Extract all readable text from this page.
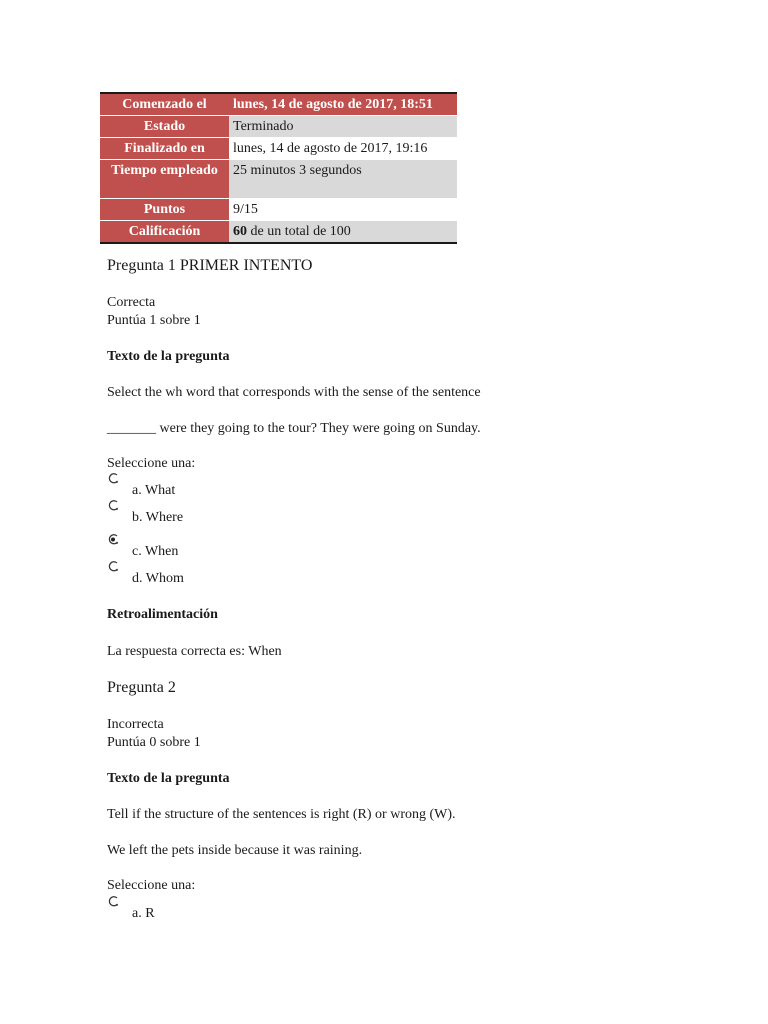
Comenzado el	lunes, 14 de agosto de 2017, 18:51
Estado	Terminado
Finalizado en	lunes, 14 de agosto de 2017, 19:16
Tiempo empleado	25 minutos 3 segundos
Puntos	9/15
Calificación	60 de un total de 100
Pregunta 1 PRIMER INTENTO
Correcta
Puntúa 1 sobre 1
Texto de la pregunta
Select the wh word that corresponds with the sense of the sentence
_______ were they going to the tour? They were going on Sunday.
Seleccione una:
a. What
b. Where
c. When
d. Whom
Retroalimentación
La respuesta correcta es: When
Pregunta 2
Incorrecta
Puntúa 0 sobre 1
Texto de la pregunta
Tell if the structure of the sentences is right (R) or wrong (W).
We left the pets inside because it was raining.
Seleccione una:
a. R
